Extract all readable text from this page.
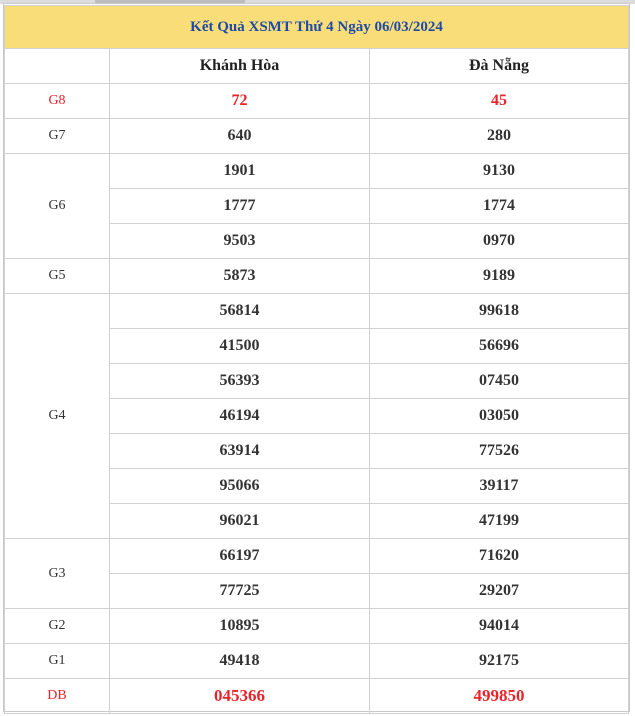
Kết Quả XSMT Thứ 4 Ngày 06/03/2024		
	Khánh Hòa	Đà Nẵng
G8	72	45
G7	640	280
G6	1901	9130
	1777	1774
	9503	0970
G5	5873	9189
G4	56814	99618
	41500	56696
	56393	07450
	46194	03050
	63914	77526
	95066	39117
	96021	47199
G3	66197	71620
	77725	29207
G2	10895	94014
G1	49418	92175
DB	045366	499850
